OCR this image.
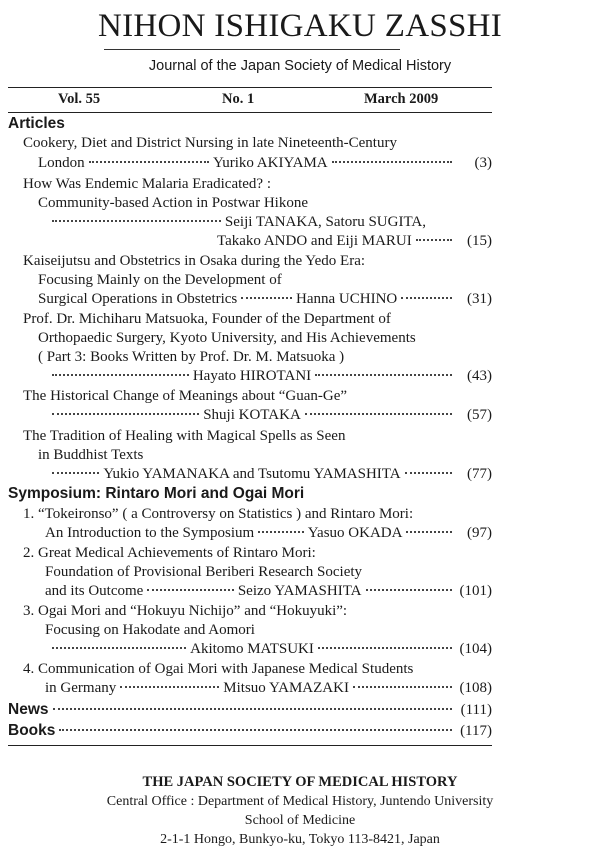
NIHON ISHIGAKU ZASSHI
Journal of the Japan Society of Medical History
Vol. 55	No. 1	March 2009
Articles
Cookery, Diet and District Nursing in late Nineteenth-Century
London	Yuriko AKIYAMA	(3)
How Was Endemic Malaria Eradicated? :
Community-based Action in Postwar Hikone
Seiji TANAKA, Satoru SUGITA,
Takako ANDO and Eiji MARUI	(15)
Kaiseijutsu and Obstetrics in Osaka during the Yedo Era:
Focusing Mainly on the Development of
Surgical Operations in Obstetrics	Hanna UCHINO	(31)
Prof. Dr. Michiharu Matsuoka, Founder of the Department of
Orthopaedic Surgery, Kyoto University, and His Achievements
( Part 3: Books Written by Prof. Dr. M. Matsuoka )
Hayato HIROTANI	(43)
The Historical Change of Meanings about “Guan-Ge”
Shuji KOTAKA	(57)
The Tradition of Healing with Magical Spells as Seen
in Buddhist Texts
Yukio YAMANAKA and Tsutomu YAMASHITA	(77)
Symposium: Rintaro Mori and Ogai Mori
1. “Tokeironso” ( a Controversy on Statistics ) and Rintaro Mori:
An Introduction to the Symposium	Yasuo OKADA	(97)
2. Great Medical Achievements of Rintaro Mori:
Foundation of Provisional Beriberi Research Society
and its Outcome	Seizo YAMASHITA	(101)
3. Ogai Mori and “Hokuyu Nichijo” and “Hokuyuki”:
Focusing on Hakodate and Aomori
Akitomo MATSUKI	(104)
4. Communication of Ogai Mori with Japanese Medical Students
in Germany	Mitsuo YAMAZAKI	(108)
News	(111)
Books	(117)
THE JAPAN SOCIETY OF MEDICAL HISTORY
Central Office : Department of Medical History, Juntendo University
School of Medicine
2-1-1 Hongo, Bunkyo-ku, Tokyo 113-8421, Japan
